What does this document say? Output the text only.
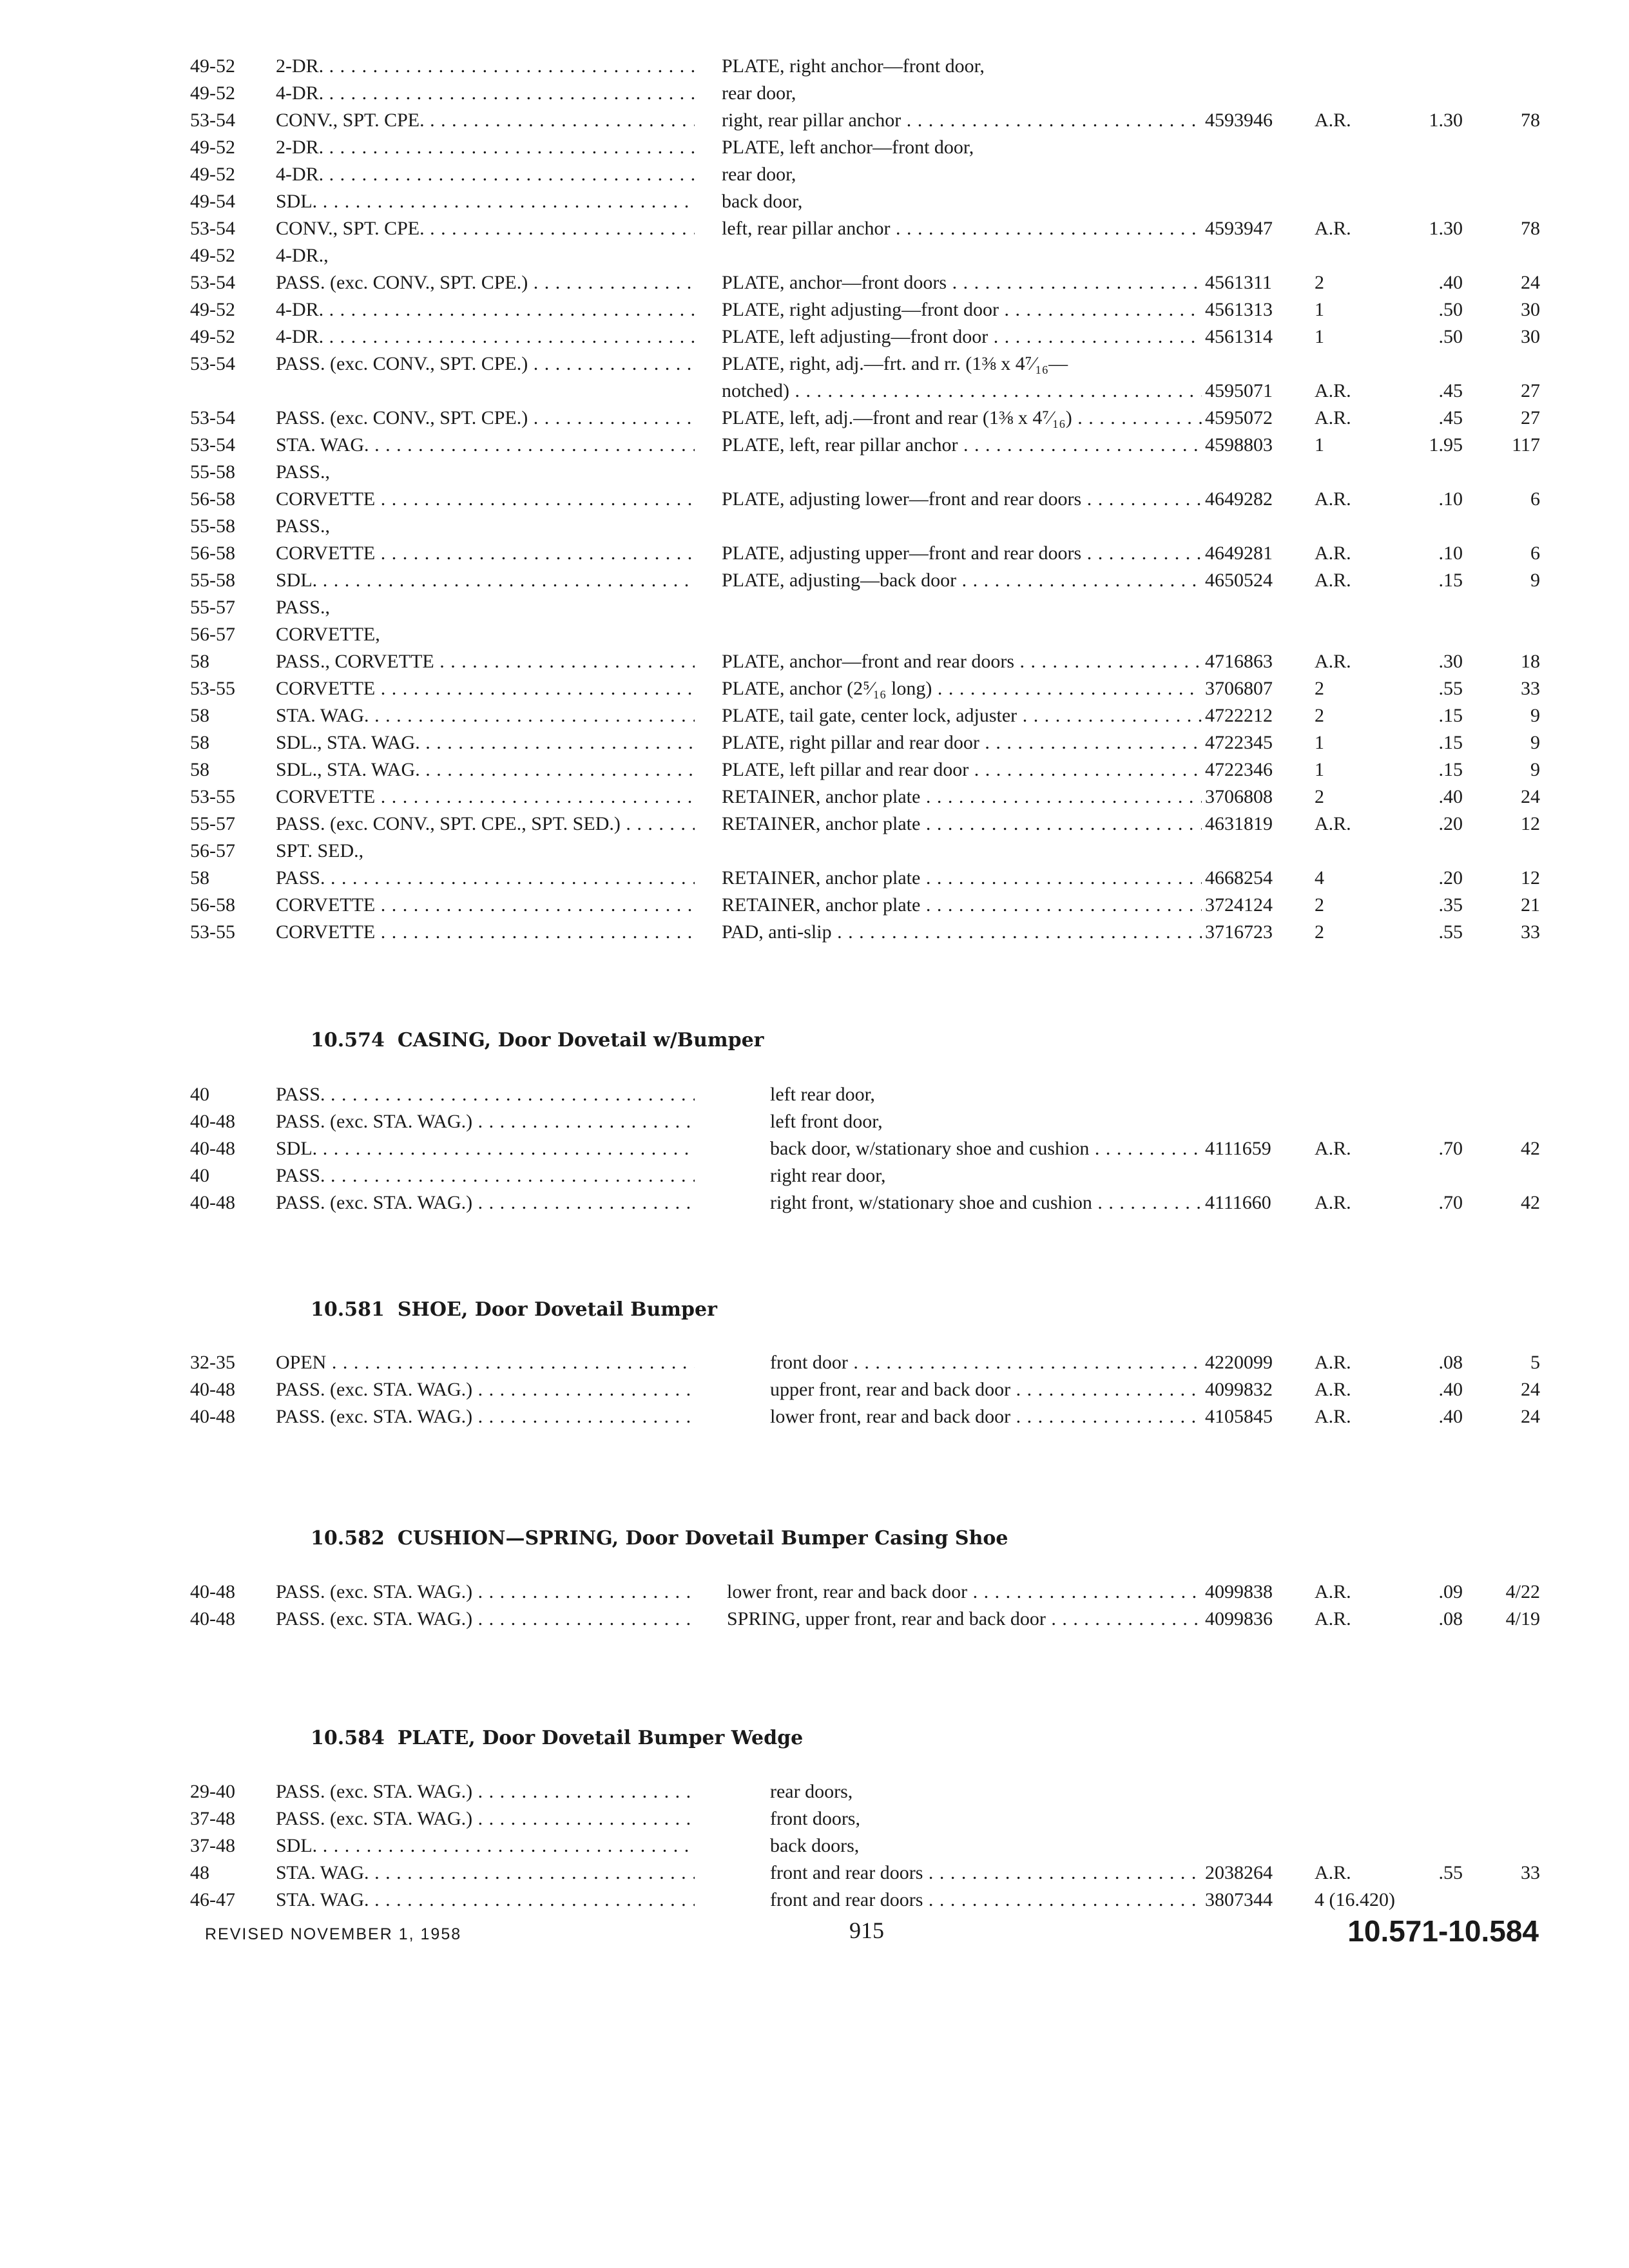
49-52	2-DR. . . .	PLATE, right anchor—front door,
49-52	4-DR. . . .	rear door,
53-54	CONV., SPT. CPE. . . .	right, rear pillar anchor . . .	4593946	A.R.	1.30	78
49-52	2-DR. . . .	PLATE, left anchor—front door,
49-52	4-DR. . . .	rear door,
49-54	SDL. . . .	back door,
53-54	CONV., SPT. CPE. . . .	left, rear pillar anchor . . .	4593947	A.R.	1.30	78
49-52	4-DR.,
53-54	PASS. (exc. CONV., SPT. CPE.) . . .	PLATE, anchor—front doors . . .	4561311	2	.40	24
49-52	4-DR. . . .	PLATE, right adjusting—front door . . .	4561313	1	.50	30
49-52	4-DR. . . .	PLATE, left adjusting—front door . . .	4561314	1	.50	30
53-54	PASS. (exc. CONV., SPT. CPE.) . . .	PLATE, right, adj.—frt. and rr. (1⅜ x 4⁷⁄₁₆—
notched) . . .	4595071	A.R.	.45	27
53-54	PASS. (exc. CONV., SPT. CPE.) . . .	PLATE, left, adj.—front and rear (1⅜ x 4⁷⁄₁₆) . . .	4595072	A.R.	.45	27
53-54	STA. WAG. . . .	PLATE, left, rear pillar anchor . . .	4598803	1	1.95	117
55-58	PASS.,
56-58	CORVETTE . . .	PLATE, adjusting lower—front and rear doors . . .	4649282	A.R.	.10	6
55-58	PASS.,
56-58	CORVETTE . . .	PLATE, adjusting upper—front and rear doors . . .	4649281	A.R.	.10	6
55-58	SDL. . . .	PLATE, adjusting—back door . . .	4650524	A.R.	.15	9
55-57	PASS.,
56-57	CORVETTE,
58	PASS., CORVETTE . . .	PLATE, anchor—front and rear doors . . .	4716863	A.R.	.30	18
53-55	CORVETTE . . .	PLATE, anchor (2⁵⁄₁₆ long) . . .	3706807	2	.55	33
58	STA. WAG. . . .	PLATE, tail gate, center lock, adjuster . . .	4722212	2	.15	9
58	SDL., STA. WAG. . . .	PLATE, right pillar and rear door . . .	4722345	1	.15	9
58	SDL., STA. WAG. . . .	PLATE, left pillar and rear door . . .	4722346	1	.15	9
53-55	CORVETTE . . .	RETAINER, anchor plate . . .	3706808	2	.40	24
55-57	PASS. (exc. CONV., SPT. CPE., SPT. SED.) . . .	RETAINER, anchor plate . . .	4631819	A.R.	.20	12
56-57	SPT. SED.,
58	PASS. . . .	RETAINER, anchor plate . . .	4668254	4	.20	12
56-58	CORVETTE . . .	RETAINER, anchor plate . . .	3724124	2	.35	21
53-55	CORVETTE . . .	PAD, anti-slip . . .	3716723	2	.55	33
10.574 CASING, Door Dovetail w/Bumper
40	PASS. . . .	left rear door,
40-48	PASS. (exc. STA. WAG.) . . .	left front door,
40-48	SDL. . . .	back door, w/stationary shoe and cushion . . .	4111659	A.R.	.70	42
40	PASS. . . .	right rear door,
40-48	PASS. (exc. STA. WAG.) . . .	right front, w/stationary shoe and cushion . . .	4111660	A.R.	.70	42
10.581 SHOE, Door Dovetail Bumper
32-35	OPEN . . .	front door . . .	4220099	A.R.	.08	5
40-48	PASS. (exc. STA. WAG.) . . .	upper front, rear and back door . . .	4099832	A.R.	.40	24
40-48	PASS. (exc. STA. WAG.) . . .	lower front, rear and back door . . .	4105845	A.R.	.40	24
10.582 CUSHION—SPRING, Door Dovetail Bumper Casing Shoe
40-48	PASS. (exc. STA. WAG.) . . .	lower front, rear and back door . . .	4099838	A.R.	.09	4/22
40-48	PASS. (exc. STA. WAG.) . . .	SPRING, upper front, rear and back door . . .	4099836	A.R.	.08	4/19
10.584 PLATE, Door Dovetail Bumper Wedge
29-40	PASS. (exc. STA. WAG.) . . .	rear doors,
37-48	PASS. (exc. STA. WAG.) . . .	front doors,
37-48	SDL. . . .	back doors,
48	STA. WAG. . . .	front and rear doors . . .	2038264	A.R.	.55	33
46-47	STA. WAG. . . .	front and rear doors . . .	3807344	4 (16.420)
REVISED NOVEMBER 1, 1958	915	10.571-10.584
